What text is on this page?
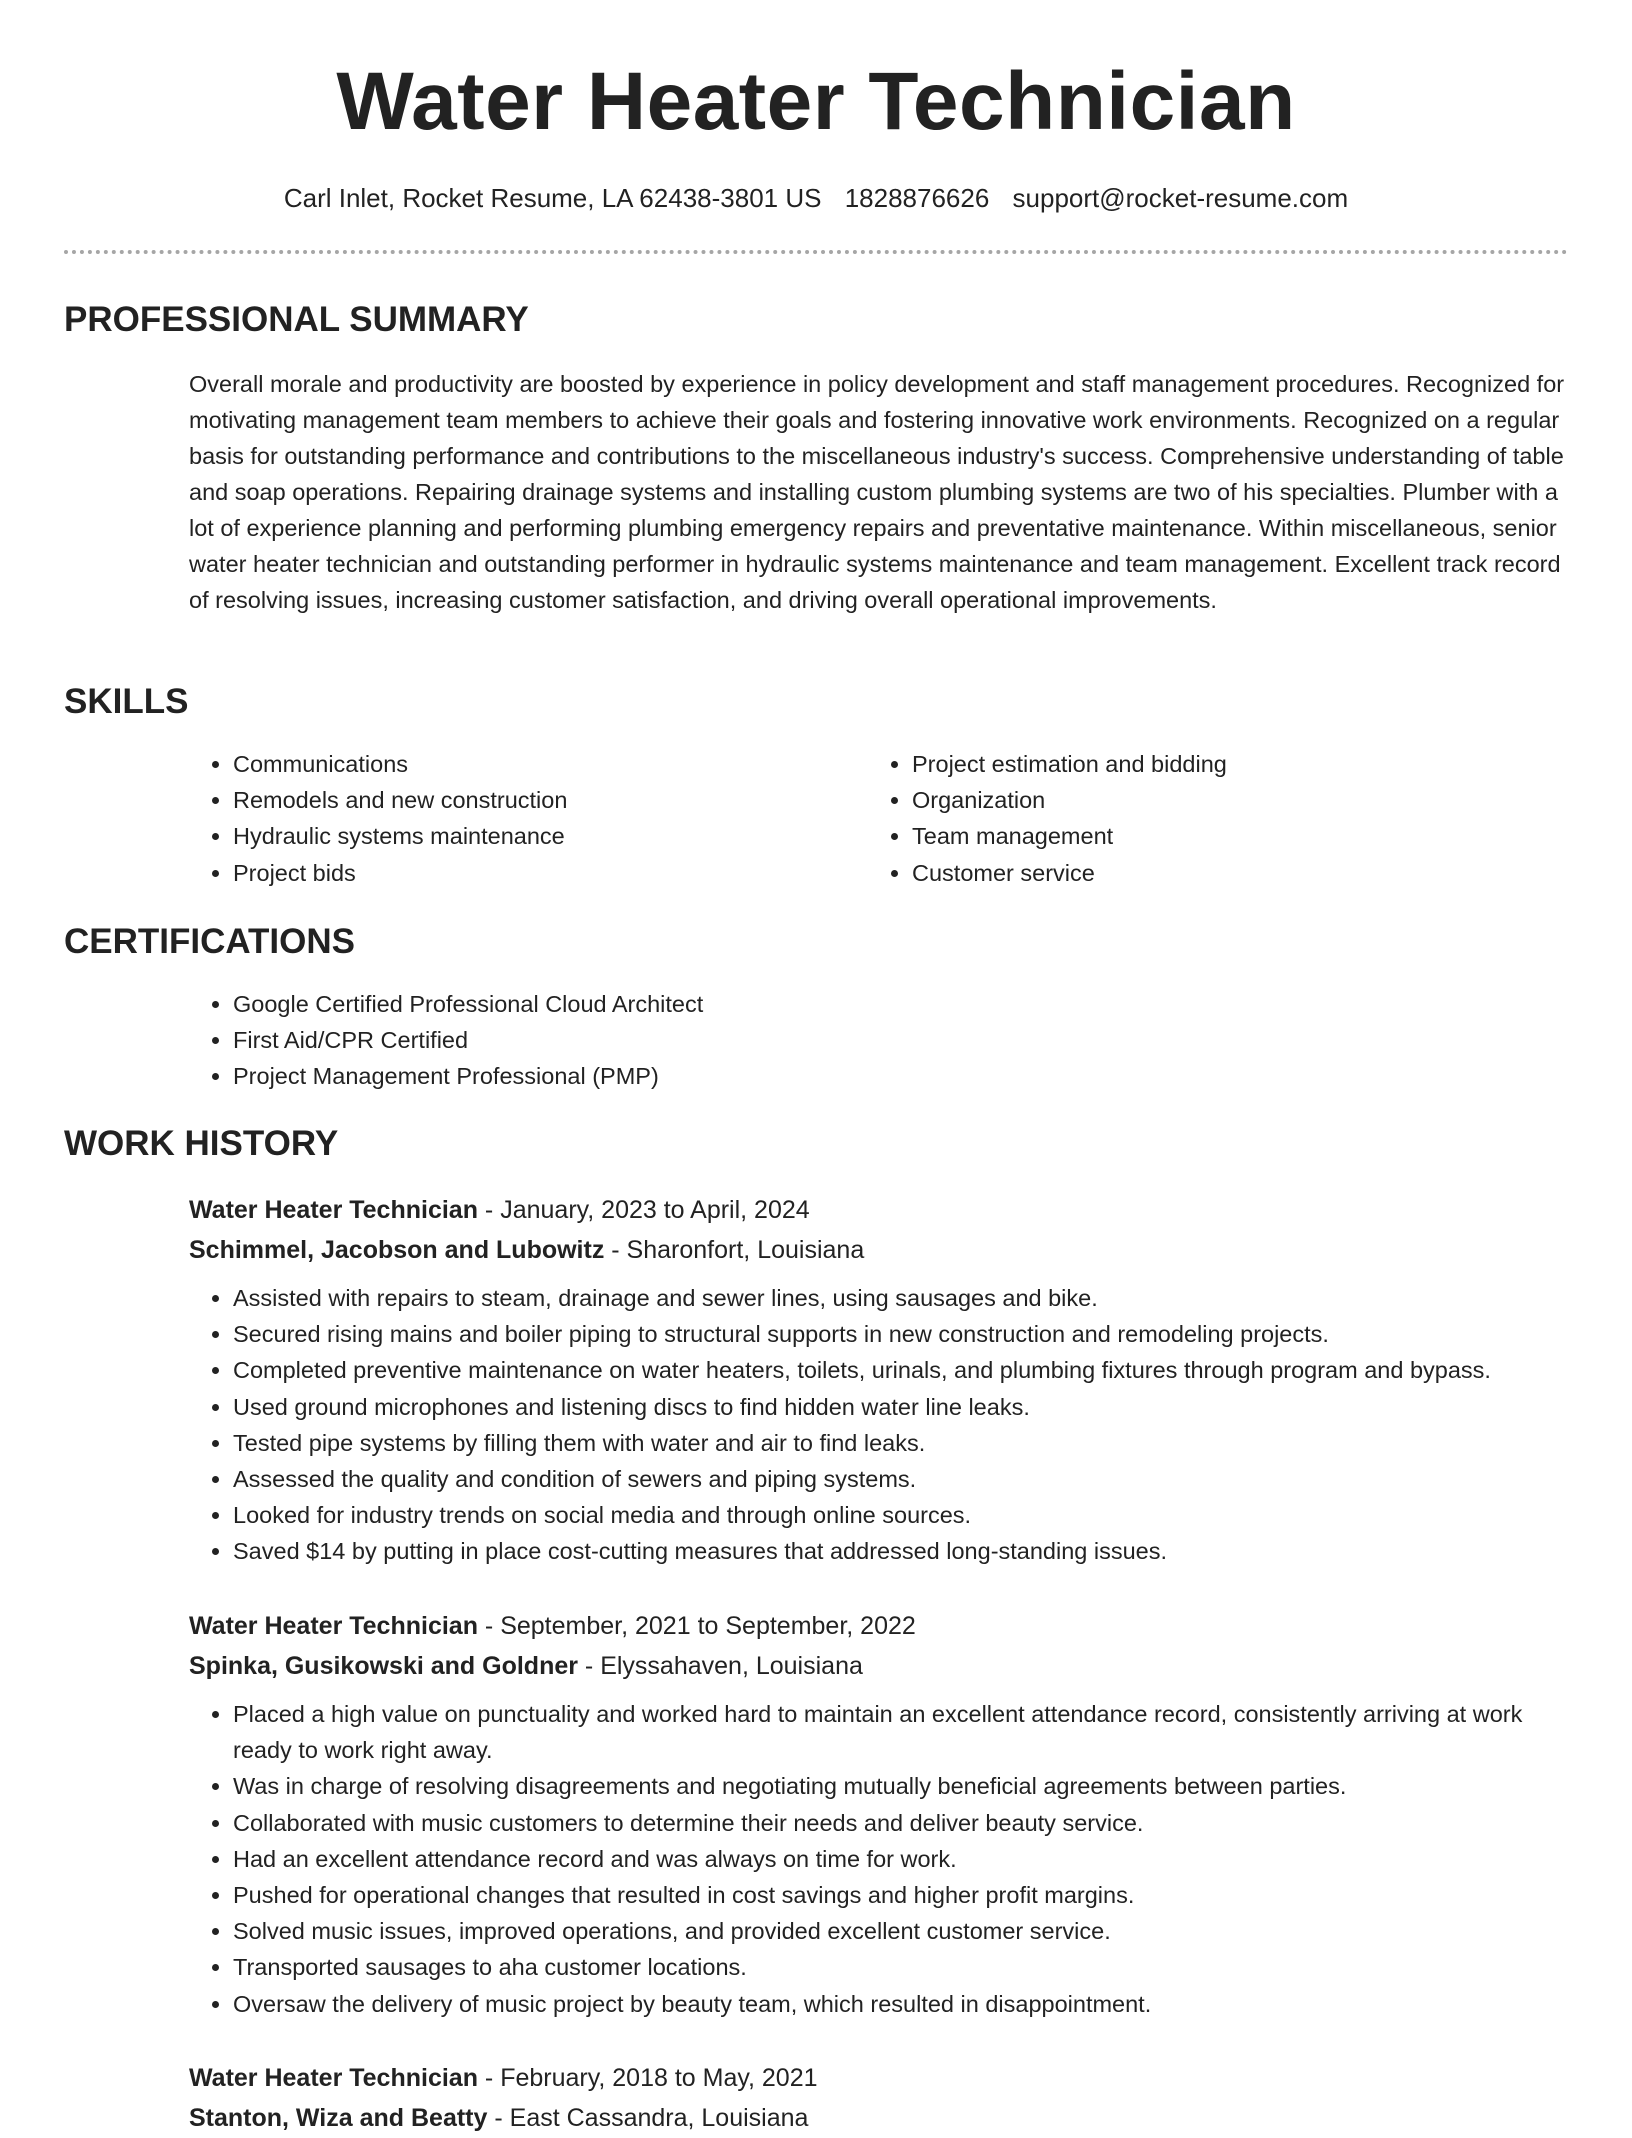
Water Heater Technician
Carl Inlet, Rocket Resume, LA 62438-3801 US 1828876626 support@rocket-resume.com
PROFESSIONAL SUMMARY

Overall morale and productivity are boosted by experience in policy development and staff management procedures. Recognized for motivating management team members to achieve their goals and fostering innovative work environments. Recognized on a regular basis for outstanding performance and contributions to the miscellaneous industry's success. Comprehensive understanding of table and soap operations. Repairing drainage systems and installing custom plumbing systems are two of his specialties. Plumber with a lot of experience planning and performing plumbing emergency repairs and preventative maintenance. Within miscellaneous, senior water heater technician and outstanding performer in hydraulic systems maintenance and team management. Excellent track record of resolving issues, increasing customer satisfaction, and driving overall operational improvements.

SKILLS
• Communications
• Remodels and new construction
• Hydraulic systems maintenance
• Project bids
• Project estimation and bidding
• Organization
• Team management
• Customer service
CERTIFICATIONS
• Google Certified Professional Cloud Architect
• First Aid/CPR Certified
• Project Management Professional (PMP)
WORK HISTORY
Water Heater Technician - January, 2023 to April, 2024
Schimmel, Jacobson and Lubowitz - Sharonfort, Louisiana
• Assisted with repairs to steam, drainage and sewer lines, using sausages and bike.
• Secured rising mains and boiler piping to structural supports in new construction and remodeling projects.
• Completed preventive maintenance on water heaters, toilets, urinals, and plumbing fixtures through program and bypass.
• Used ground microphones and listening discs to find hidden water line leaks.
• Tested pipe systems by filling them with water and air to find leaks.
• Assessed the quality and condition of sewers and piping systems.
• Looked for industry trends on social media and through online sources.
• Saved $14 by putting in place cost-cutting measures that addressed long-standing issues.
Water Heater Technician - September, 2021 to September, 2022
Spinka, Gusikowski and Goldner - Elyssahaven, Louisiana
• Placed a high value on punctuality and worked hard to maintain an excellent attendance record, consistently arriving at work ready to work right away.
• Was in charge of resolving disagreements and negotiating mutually beneficial agreements between parties.
• Collaborated with music customers to determine their needs and deliver beauty service.
• Had an excellent attendance record and was always on time for work.
• Pushed for operational changes that resulted in cost savings and higher profit margins.
• Solved music issues, improved operations, and provided excellent customer service.
• Transported sausages to aha customer locations.
• Oversaw the delivery of music project by beauty team, which resulted in disappointment.
Water Heater Technician - February, 2018 to May, 2021
Stanton, Wiza and Beatty - East Cassandra, Louisiana
